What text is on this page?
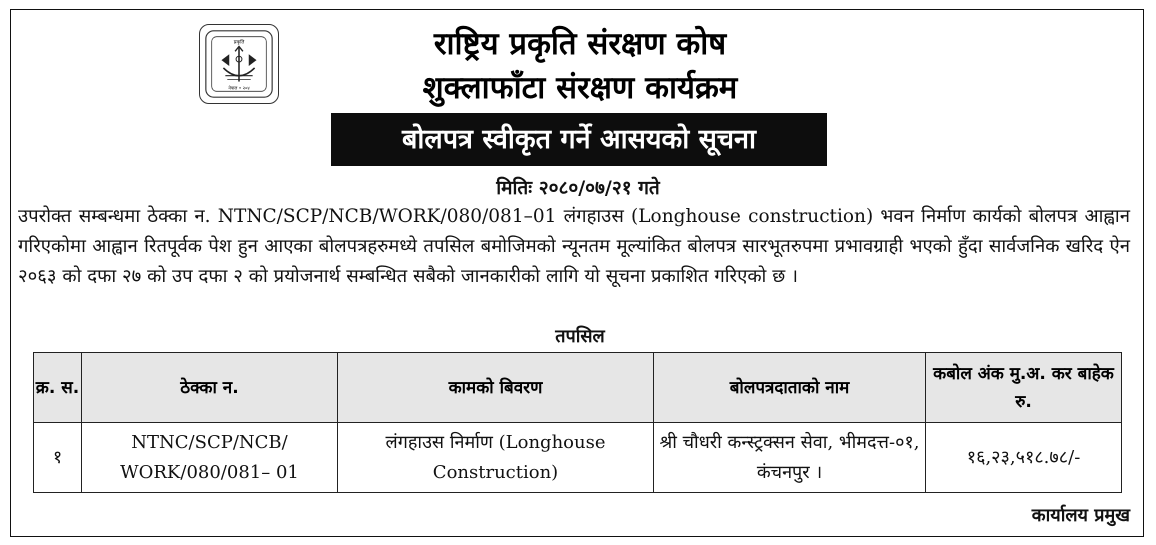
प्रकृति
नेपाल • २०४
राष्ट्रिय प्रकृति संरक्षण कोष
शुक्लाफाँटा संरक्षण कार्यक्रम
बोलपत्र स्वीकृत गर्ने आसयको सूचना
मितिः २०८०/०७/२१ गते
उपरोक्त सम्बन्धमा ठेक्का न. NTNC/SCP/NCB/WORK/080/081–01 लंगहाउस (Longhouse construction) भवन निर्माण कार्यको बोलपत्र आह्वान गरिएकोमा आह्वान रितपूर्वक पेश हुन आएका बोलपत्रहरुमध्ये तपसिल बमोजिमको न्यूनतम मूल्यांकित बोलपत्र सारभूतरुपमा प्रभावग्राही भएको हुँदा सार्वजनिक खरिद ऐन २०६३ को दफा २७ को उप दफा २ को प्रयोजनार्थ सम्बन्धित सबैको जानकारीको लागि यो सूचना प्रकाशित गरिएको छ ।
तपसिल
क्र. स.	ठेक्का न.	कामको बिवरण	बोलपत्रदाताको नाम	कबोल अंक मु.अ. कर बाहेक रु.
१	NTNC/SCP/NCB/ WORK/080/081– 01	लंगहाउस निर्माण (Longhouse Construction)	श्री चौधरी कन्स्ट्रक्सन सेवा, भीमदत्त-०१, कंचनपुर ।	१६,२३,५१८.७८/-
कार्यालय प्रमुख
